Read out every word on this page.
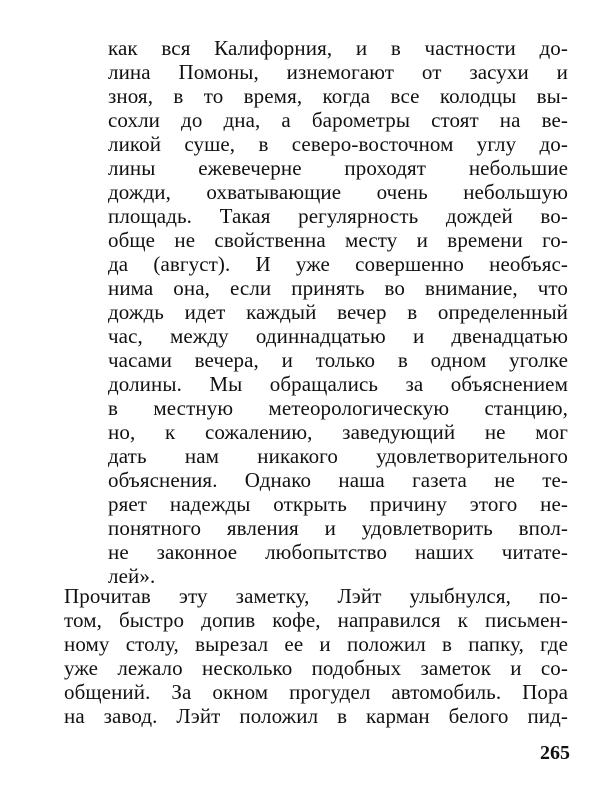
как вся Калифорния, и в частности до-
лина Помоны, изнемогают от засухи и
зноя, в то время, когда все колодцы вы-
сохли до дна, а барометры стоят на ве-
ликой суше, в северо-восточном углу до-
лины ежевечерне проходят небольшие
дожди, охватывающие очень небольшую
площадь. Такая регулярность дождей во-
обще не свойственна месту и времени го-
да (август). И уже совершенно необъяс-
нима она, если принять во внимание, что
дождь идет каждый вечер в определенный
час, между одиннадцатью и двенадцатью
часами вечера, и только в одном уголке
долины. Мы обращались за объяснением
в местную метеорологическую станцию,
но, к сожалению, заведующий не мог
дать нам никакого удовлетворительного
объяснения. Однако наша газета не те-
ряет надежды открыть причину этого не-
понятного явления и удовлетворить впол-
не законное любопытство наших читате-
лей».
Прочитав эту заметку, Лэйт улыбнулся, по-
том, быстро допив кофе, направился к письмен-
ному столу, вырезал ее и положил в папку, где
уже лежало несколько подобных заметок и со-
общений. За окном прогудел автомобиль. Пора
на завод. Лэйт положил в карман белого пид-
265
